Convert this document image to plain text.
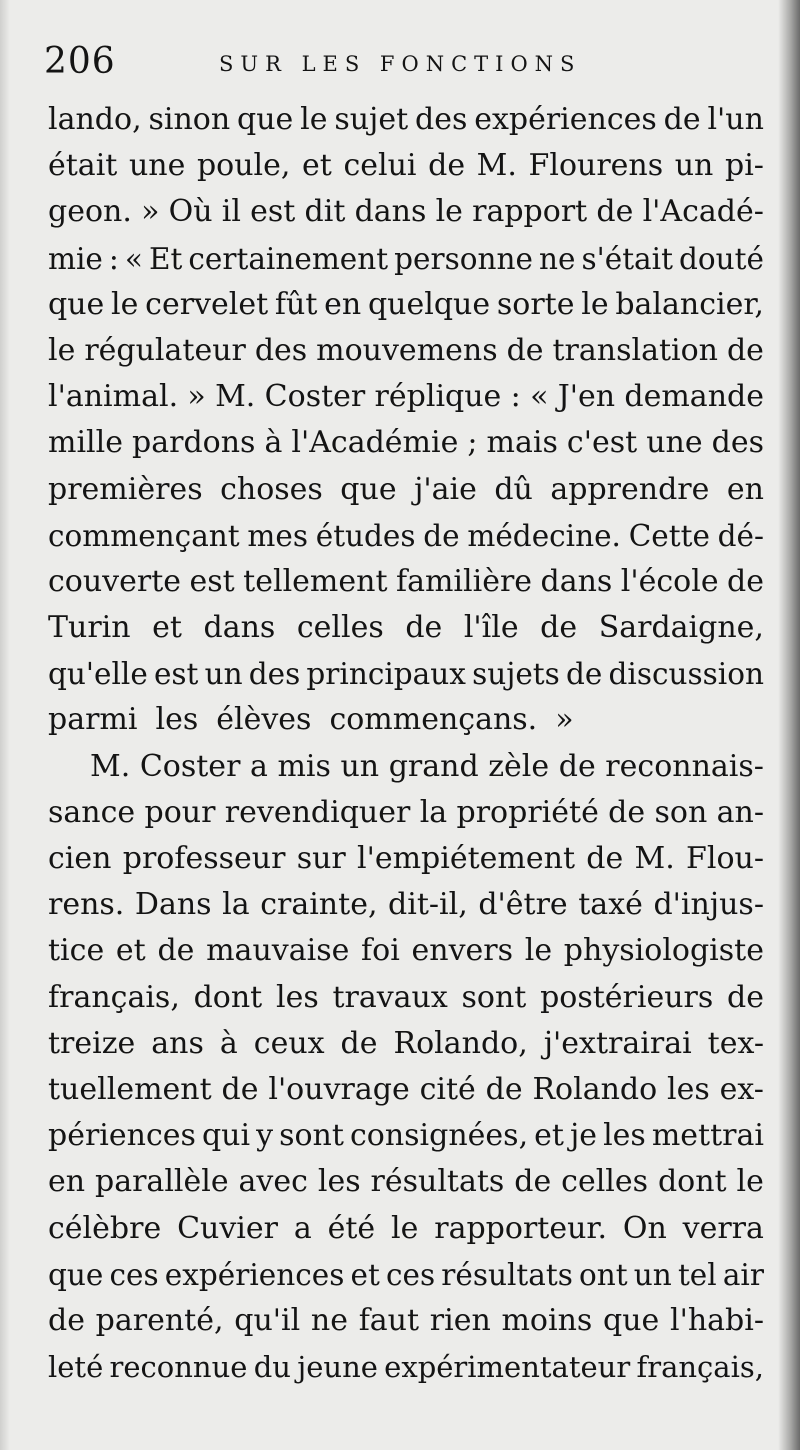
206	SUR LES FONCTIONS
lando, sinon que le sujet des expériences de l'un
était une poule, et celui de M. Flourens un pi-
geon. » Où il est dit dans le rapport de l'Acadé-
mie : « Et certainement personne ne s'était douté
que le cervelet fût en quelque sorte le balancier,
le régulateur des mouvemens de translation de
l'animal. » M. Coster réplique : « J'en demande
mille pardons à l'Académie ; mais c'est une des
premières choses que j'aie dû apprendre en
commençant mes études de médecine. Cette dé-
couverte est tellement familière dans l'école de
Turin et dans celles de l'île de Sardaigne,
qu'elle est un des principaux sujets de discussion
parmi les élèves commençans. »
M. Coster a mis un grand zèle de reconnais-
sance pour revendiquer la propriété de son an-
cien professeur sur l'empiétement de M. Flou-
rens. Dans la crainte, dit-il, d'être taxé d'injus-
tice et de mauvaise foi envers le physiologiste
français, dont les travaux sont postérieurs de
treize ans à ceux de Rolando, j'extrairai tex-
tuellement de l'ouvrage cité de Rolando les ex-
périences qui y sont consignées, et je les mettrai
en parallèle avec les résultats de celles dont le
célèbre Cuvier a été le rapporteur. On verra
que ces expériences et ces résultats ont un tel air
de parenté, qu'il ne faut rien moins que l'habi-
leté reconnue du jeune expérimentateur français,
